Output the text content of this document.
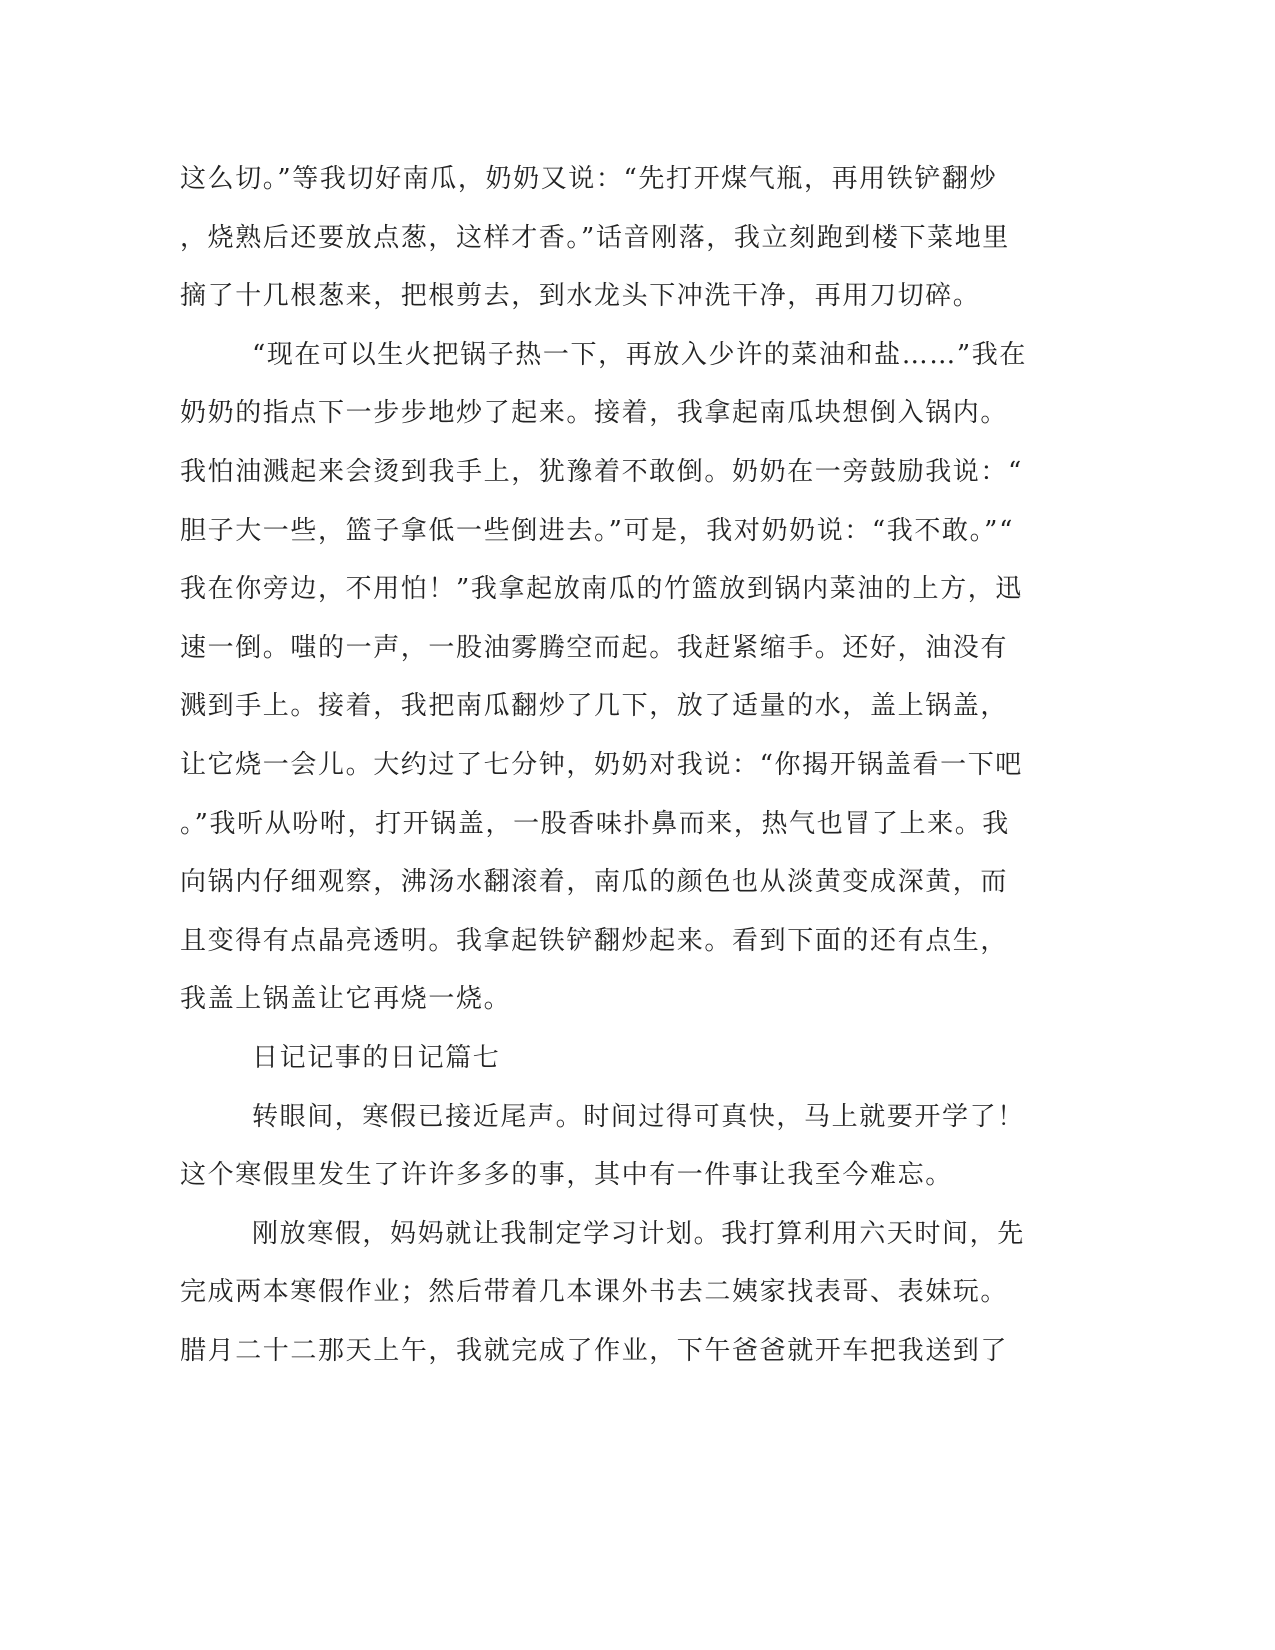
这么切。”等我切好南瓜，奶奶又说：“先打开煤气瓶，再用铁铲翻炒
，烧熟后还要放点葱，这样才香。”话音刚落，我立刻跑到楼下菜地里
摘了十几根葱来，把根剪去，到水龙头下冲洗干净，再用刀切碎。
“现在可以生火把锅子热一下，再放入少许的菜油和盐……”我在
奶奶的指点下一步步地炒了起来。接着，我拿起南瓜块想倒入锅内。
我怕油溅起来会烫到我手上，犹豫着不敢倒。奶奶在一旁鼓励我说：“
胆子大一些，篮子拿低一些倒进去。”可是，我对奶奶说：“我不敢。”“
我在你旁边，不用怕！”我拿起放南瓜的竹篮放到锅内菜油的上方，迅
速一倒。嗤的一声，一股油雾腾空而起。我赶紧缩手。还好，油没有
溅到手上。接着，我把南瓜翻炒了几下，放了适量的水，盖上锅盖，
让它烧一会儿。大约过了七分钟，奶奶对我说：“你揭开锅盖看一下吧
。”我听从吩咐，打开锅盖，一股香味扑鼻而来，热气也冒了上来。我
向锅内仔细观察，沸汤水翻滚着，南瓜的颜色也从淡黄变成深黄，而
且变得有点晶亮透明。我拿起铁铲翻炒起来。看到下面的还有点生，
我盖上锅盖让它再烧一烧。
日记记事的日记篇七
转眼间，寒假已接近尾声。时间过得可真快，马上就要开学了！
这个寒假里发生了许许多多的事，其中有一件事让我至今难忘。
刚放寒假，妈妈就让我制定学习计划。我打算利用六天时间，先
完成两本寒假作业；然后带着几本课外书去二姨家找表哥、表妹玩。
腊月二十二那天上午，我就完成了作业，下午爸爸就开车把我送到了
